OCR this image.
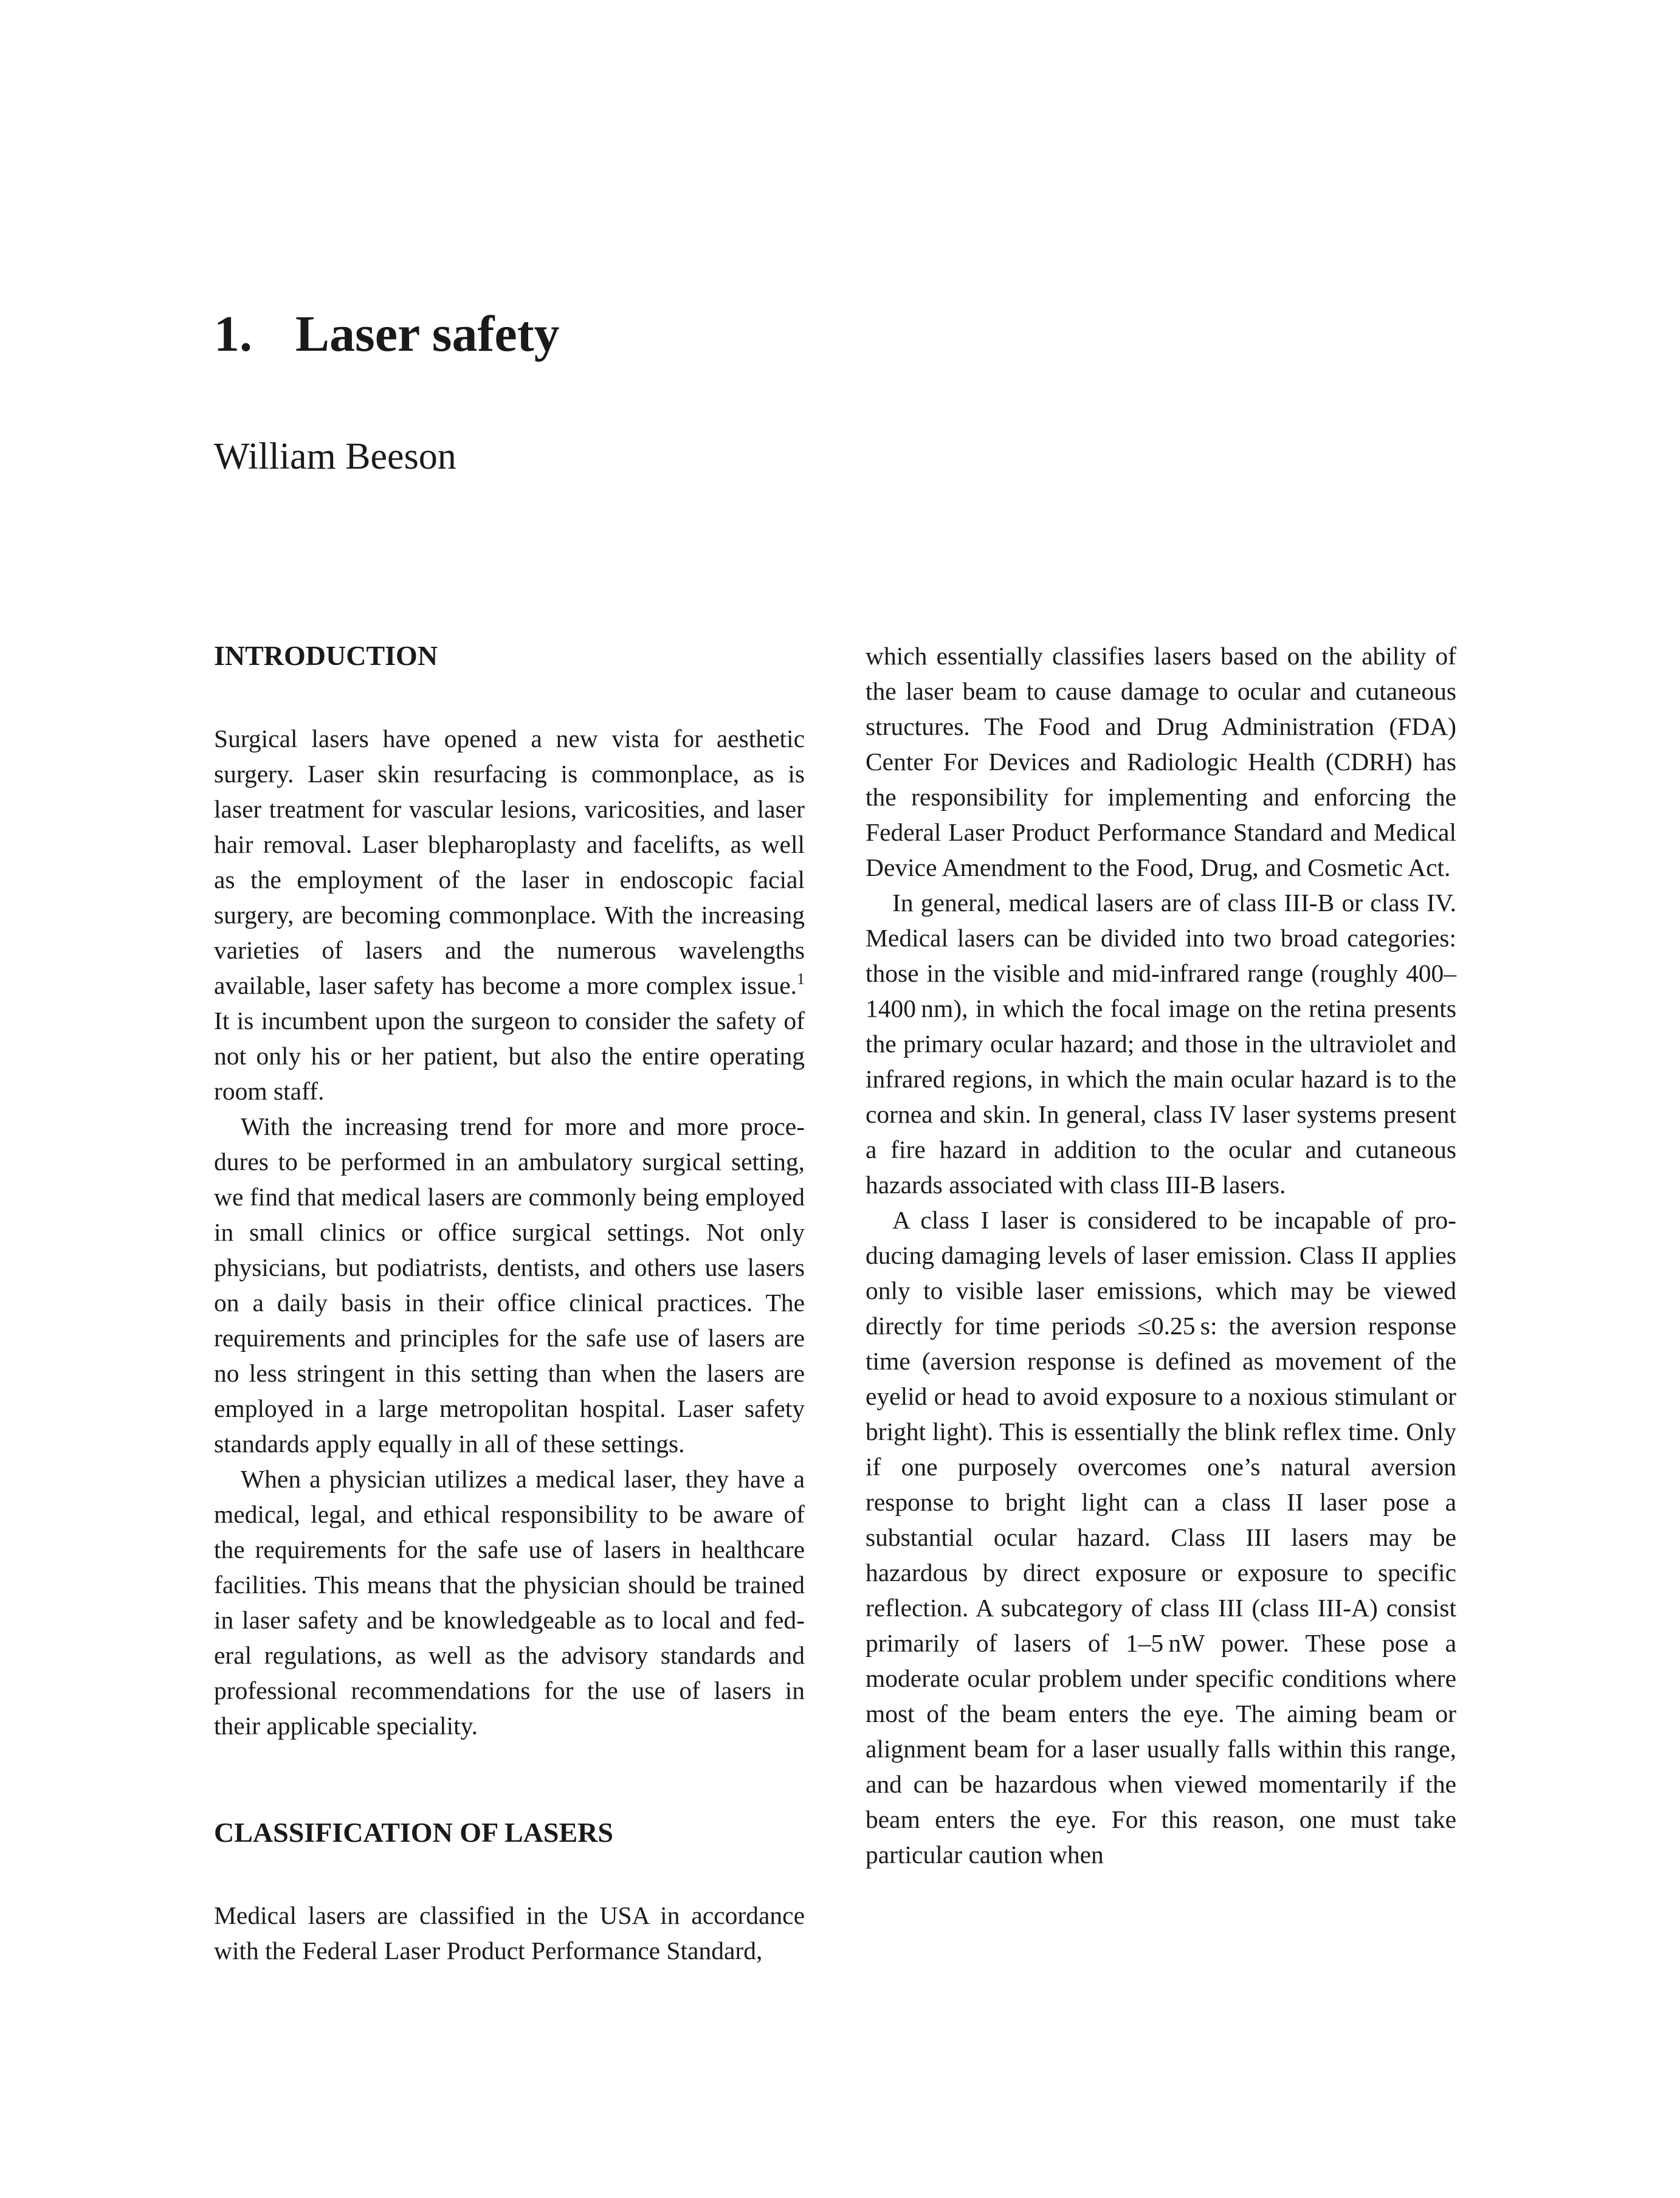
1. Laser safety
William Beeson
INTRODUCTION

Surgical lasers have opened a new vista for aesthetic surgery. Laser skin resurfacing is commonplace, as is laser treatment for vascular lesions, varicosities, and laser hair removal. Laser blepharoplasty and facelifts, as well as the employment of the laser in endoscopic facial surgery, are becoming commonplace. With the increasing varieties of lasers and the numerous wavelengths available, laser safety has become a more complex issue.$^1$ It is incumbent upon the surgeon to consider the safety of not only his or her patient, but also the entire operating room staff.

With the increasing trend for more and more procedures to be performed in an ambulatory surgical setting, we find that medical lasers are commonly being employed in small clinics or office surgical settings. Not only physicians, but podiatrists, dentists, and others use lasers on a daily basis in their office clinical practices. The requirements and principles for the safe use of lasers are no less stringent in this setting than when the lasers are employed in a large metropolitan hospital. Laser safety standards apply equally in all of these settings.

When a physician utilizes a medical laser, they have a medical, legal, and ethical responsibility to be aware of the requirements for the safe use of lasers in healthcare facilities. This means that the physician should be trained in laser safety and be knowledgeable as to local and federal regulations, as well as the advisory standards and professional recommendations for the use of lasers in their applicable speciality.

CLASSIFICATION OF LASERS

Medical lasers are classified in the USA in accordance with the Federal Laser Product Performance Standard,

which essentially classifies lasers based on the ability of the laser beam to cause damage to ocular and cutaneous structures. The Food and Drug Administration (FDA) Center For Devices and Radiologic Health (CDRH) has the responsibility for implementing and enforcing the Federal Laser Product Performance Standard and Medical Device Amendment to the Food, Drug, and Cosmetic Act.

In general, medical lasers are of class III-B or class IV. Medical lasers can be divided into two broad categories: those in the visible and mid-infrared range (roughly 400–1400 nm), in which the focal image on the retina presents the primary ocular hazard; and those in the ultraviolet and infrared regions, in which the main ocular hazard is to the cornea and skin. In general, class IV laser systems present a fire hazard in addition to the ocular and cutaneous hazards associated with class III-B lasers.

A class I laser is considered to be incapable of producing damaging levels of laser emission. Class II applies only to visible laser emissions, which may be viewed directly for time periods ≤0.25 s: the aversion response time (aversion response is defined as movement of the eyelid or head to avoid exposure to a noxious stimulant or bright light). This is essentially the blink reflex time. Only if one purposely overcomes one’s natural aversion response to bright light can a class II laser pose a substantial ocular hazard. Class III lasers may be hazardous by direct exposure or exposure to specific reflection. A subcategory of class III (class III-A) consist primarily of lasers of 1–5 nW power. These pose a moderate ocular problem under specific conditions where most of the beam enters the eye. The aiming beam or alignment beam for a laser usually falls within this range, and can be hazardous when viewed momentarily if the beam enters the eye. For this reason, one must take particular caution when
